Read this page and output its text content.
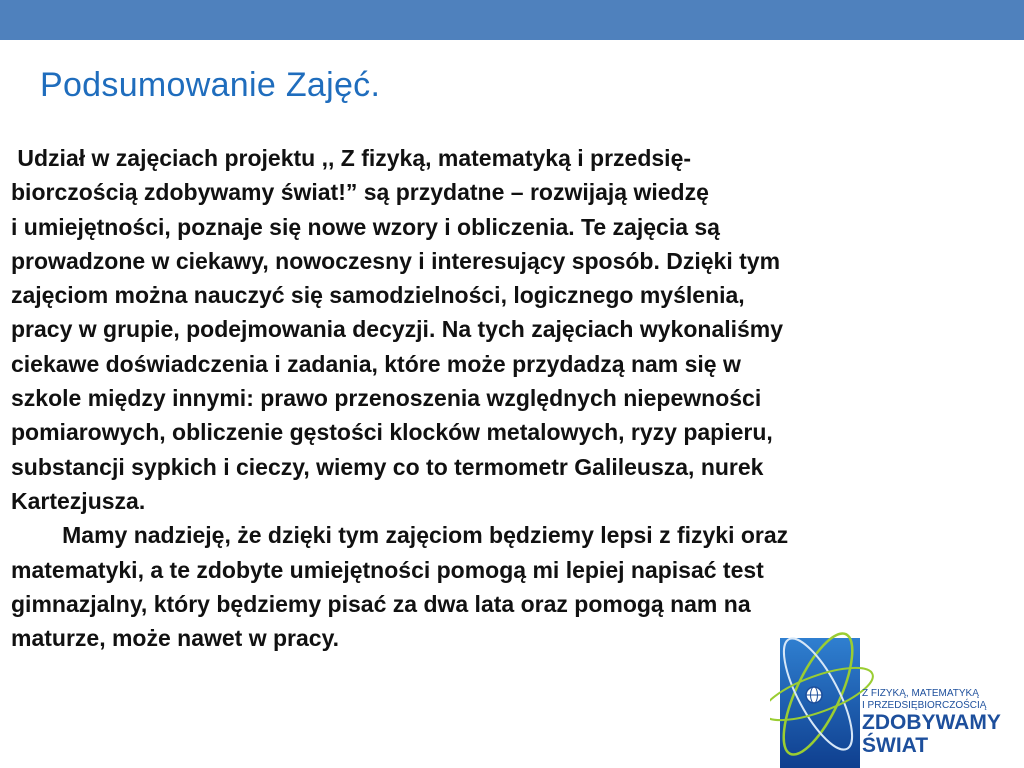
Podsumowanie Zajęć.
Udział w zajęciach projektu ,, Z fizyką, matematyką i przedsię-
biorczością zdobywamy świat!” są przydatne – rozwijają wiedzę
i umiejętności, poznaje się nowe wzory i obliczenia. Te zajęcia są
prowadzone w ciekawy, nowoczesny i interesujący sposób. Dzięki tym
zajęciom można nauczyć się samodzielności, logicznego myślenia,
pracy w grupie, podejmowania decyzji. Na tych zajęciach wykonaliśmy
ciekawe doświadczenia i zadania, które może przydadzą nam się w
szkole między innymi: prawo przenoszenia względnych niepewności
pomiarowych, obliczenie gęstości klocków metalowych, ryzy papieru,
substancji sypkich i cieczy, wiemy co to termometr Galileusza, nurek
Kartezjusza.
Mamy nadzieję, że dzięki tym zajęciom będziemy lepsi z fizyki oraz
matematyki, a te zdobyte umiejętności pomogą mi lepiej napisać test
gimnazjalny, który będziemy pisać za dwa lata oraz pomogą nam na
maturze, może nawet w pracy.
Z FIZYKĄ, MATEMATYKĄ
I PRZEDSIĘBIORCZOŚCIĄ
ZDOBYWAMY
ŚWIAT
